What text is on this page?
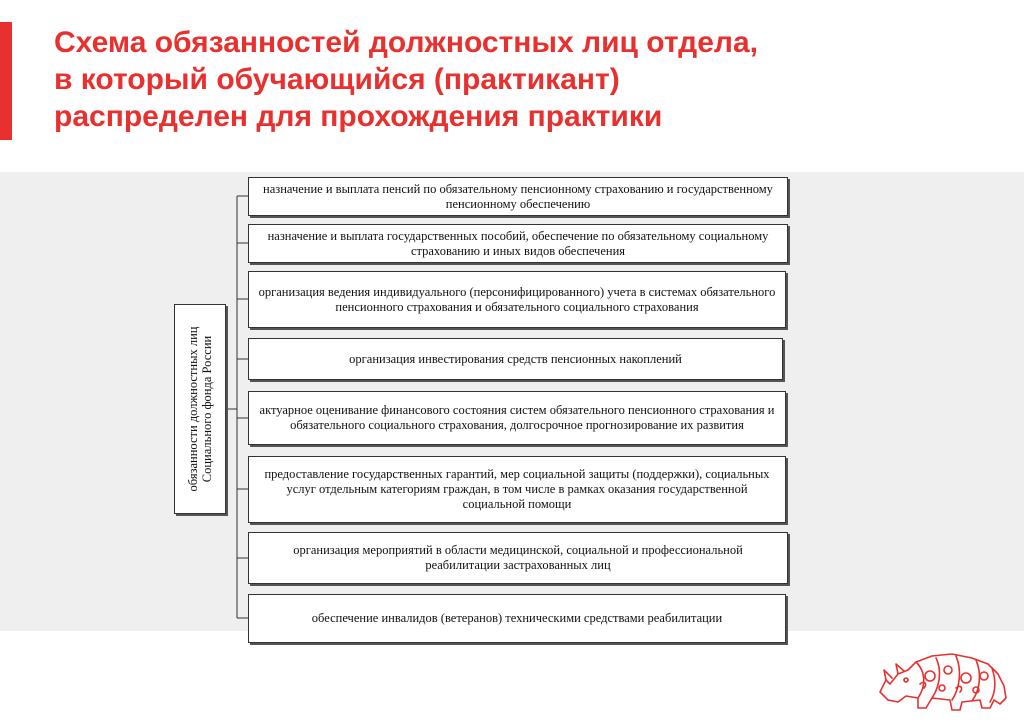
Схема обязанностей должностных лиц отдела,
в который обучающийся (практикант)
распределен для прохождения практики
обязанности должностных лиц Социального фонда России
назначение и выплата пенсий по обязательному пенсионному страхованию и государственному пенсионному обеспечению
назначение и выплата государственных пособий, обеспечение по обязательному социальному страхованию и иных видов обеспечения
организация ведения индивидуального (персонифицированного) учета в системах обязательного пенсионного страхования и обязательного социального страхования
организация инвестирования средств пенсионных накоплений
актуарное оценивание финансового состояния систем обязательного пенсионного страхования и обязательного социального страхования, долгосрочное прогнозирование их развития
предоставление государственных гарантий, мер социальной защиты (поддержки), социальных услуг отдельным категориям граждан, в том числе в рамках оказания государственной социальной помощи
организация мероприятий в области медицинской, социальной и профессиональной реабилитации застрахованных лиц
обеспечение инвалидов (ветеранов) техническими средствами реабилитации
